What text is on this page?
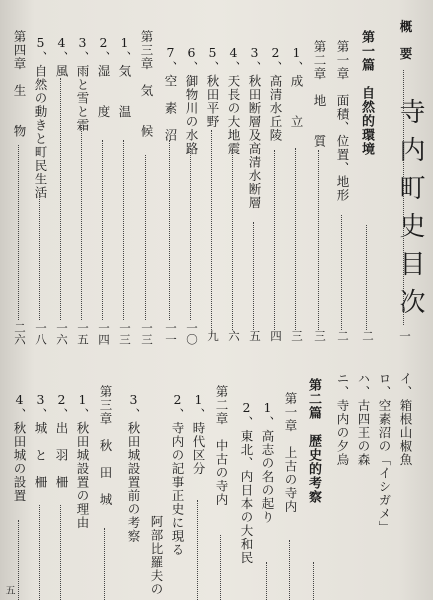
寺内町史目次
概　要
一
第一篇　自然的環境
二
第一章　面積、位置、地形
二
第二章　地　　質
三
1、成　　立
三
2、高清水丘陵
四
3、秋田断層及高清水断層
五
4、天長の大地震
六
5、秋田平野
九
6、御物川の水路
一〇
7、空　素　沼
一一
第三章　気　　候
一三
1、気　　温
一三
2、湿　　度
一四
3、雨と雪と霜
一五
4、風
一六
5、自然の動きと町民生活
一八
第四章　生　　物
二六
イ、箱根山椒魚
ロ、空素沼の「イシガメ」
ハ、古四王の森
ニ、寺内の夕烏
第二篇　歴史的考察
第一章　上古の寺内
1、高志の名の起り
2、東北、内日本の大和民
第二章　中古の寺内
1、時代区分
2、寺内の記事正史に現る
阿部比羅夫の
3、秋田城設置前の考察
第三章　秋　田　城
1、秋田城設置の理由
2、出　羽　柵
3、城　と　柵
4、秋田城の設置
五
